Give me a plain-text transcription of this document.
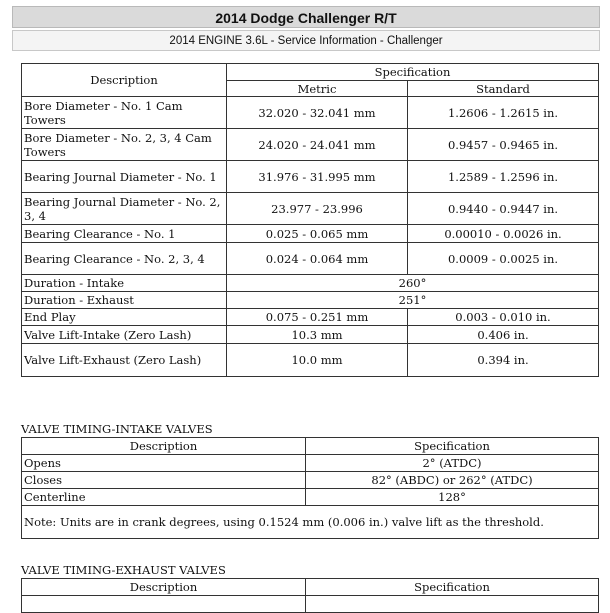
2014 Dodge Challenger R/T
2014 ENGINE 3.6L - Service Information - Challenger
Description	Specification	
	Metric	Standard
Bore Diameter - No. 1 Cam Towers	32.020 - 32.041 mm	1.2606 - 1.2615 in.
Bore Diameter - No. 2, 3, 4 Cam Towers	24.020 - 24.041 mm	0.9457 - 0.9465 in.
Bearing Journal Diameter - No. 1	31.976 - 31.995 mm	1.2589 - 1.2596 in.
Bearing Journal Diameter - No. 2, 3, 4	23.977 - 23.996	0.9440 - 0.9447 in.
Bearing Clearance - No. 1	0.025 - 0.065 mm	0.00010 - 0.0026 in.
Bearing Clearance - No. 2, 3, 4	0.024 - 0.064 mm	0.0009 - 0.0025 in.
Duration - Intake	260°	
Duration - Exhaust	251°	
End Play	0.075 - 0.251 mm	0.003 - 0.010 in.
Valve Lift-Intake (Zero Lash)	10.3 mm	0.406 in.
Valve Lift-Exhaust (Zero Lash)	10.0 mm	0.394 in.
VALVE TIMING-INTAKE VALVES
Description	Specification
Opens	2° (ATDC)
Closes	82° (ABDC) or 262° (ATDC)
Centerline	128°
Note: Units are in crank degrees, using 0.1524 mm (0.006 in.) valve lift as the threshold.	
VALVE TIMING-EXHAUST VALVES
Description	Specification
